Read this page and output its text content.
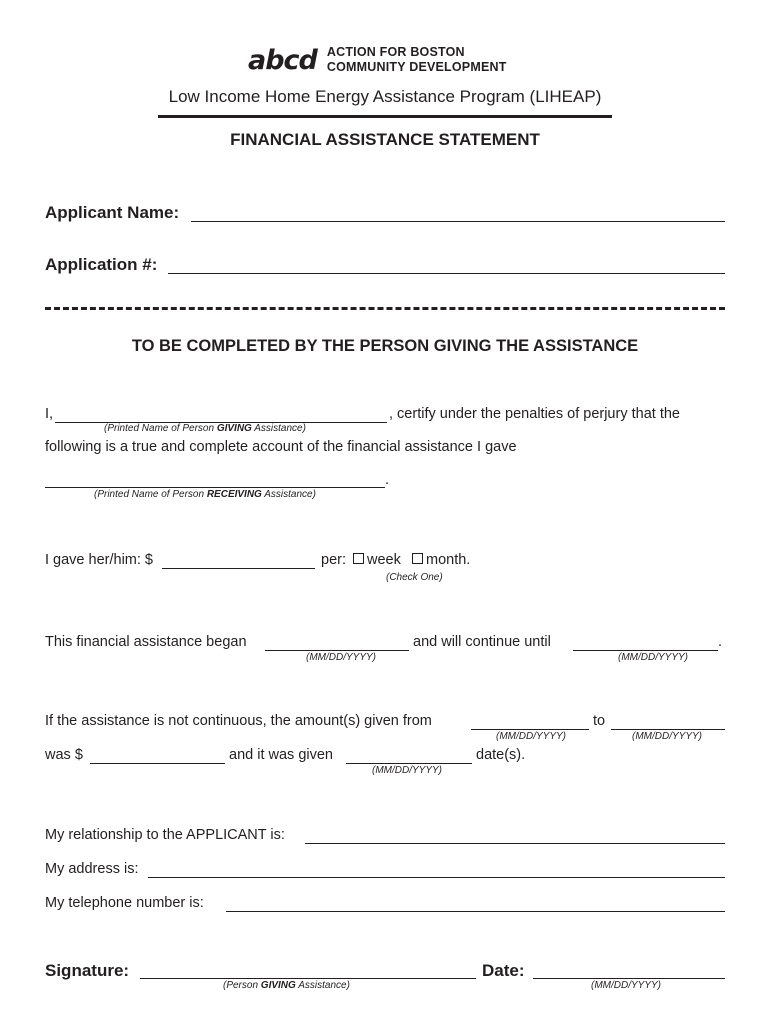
abcd ACTION FOR BOSTON
COMMUNITY DEVELOPMENT
Low Income Home Energy Assistance Program (LIHEAP)
FINANCIAL ASSISTANCE STATEMENT
Applicant Name:
Application #:
TO BE COMPLETED BY THE PERSON GIVING THE ASSISTANCE
I,
(Printed Name of Person GIVING Assistance)
, certify under the penalties of perjury that the
following is a true and complete account of the financial assistance I gave
.
(Printed Name of Person RECEIVING Assistance)
I gave her/him: $	per:	week	month.
(Check One)
This financial assistance began
(MM/DD/YYYY)
and will continue until	.
(MM/DD/YYYY)
If the assistance is not continuous, the amount(s) given from
(MM/DD/YYYY)
to
(MM/DD/YYYY)
was $	and it was given
(MM/DD/YYYY)
date(s).
My relationship to the APPLICANT is:
My address is:
My telephone number is:
Signature:
(Person GIVING Assistance)
Date:
(MM/DD/YYYY)
